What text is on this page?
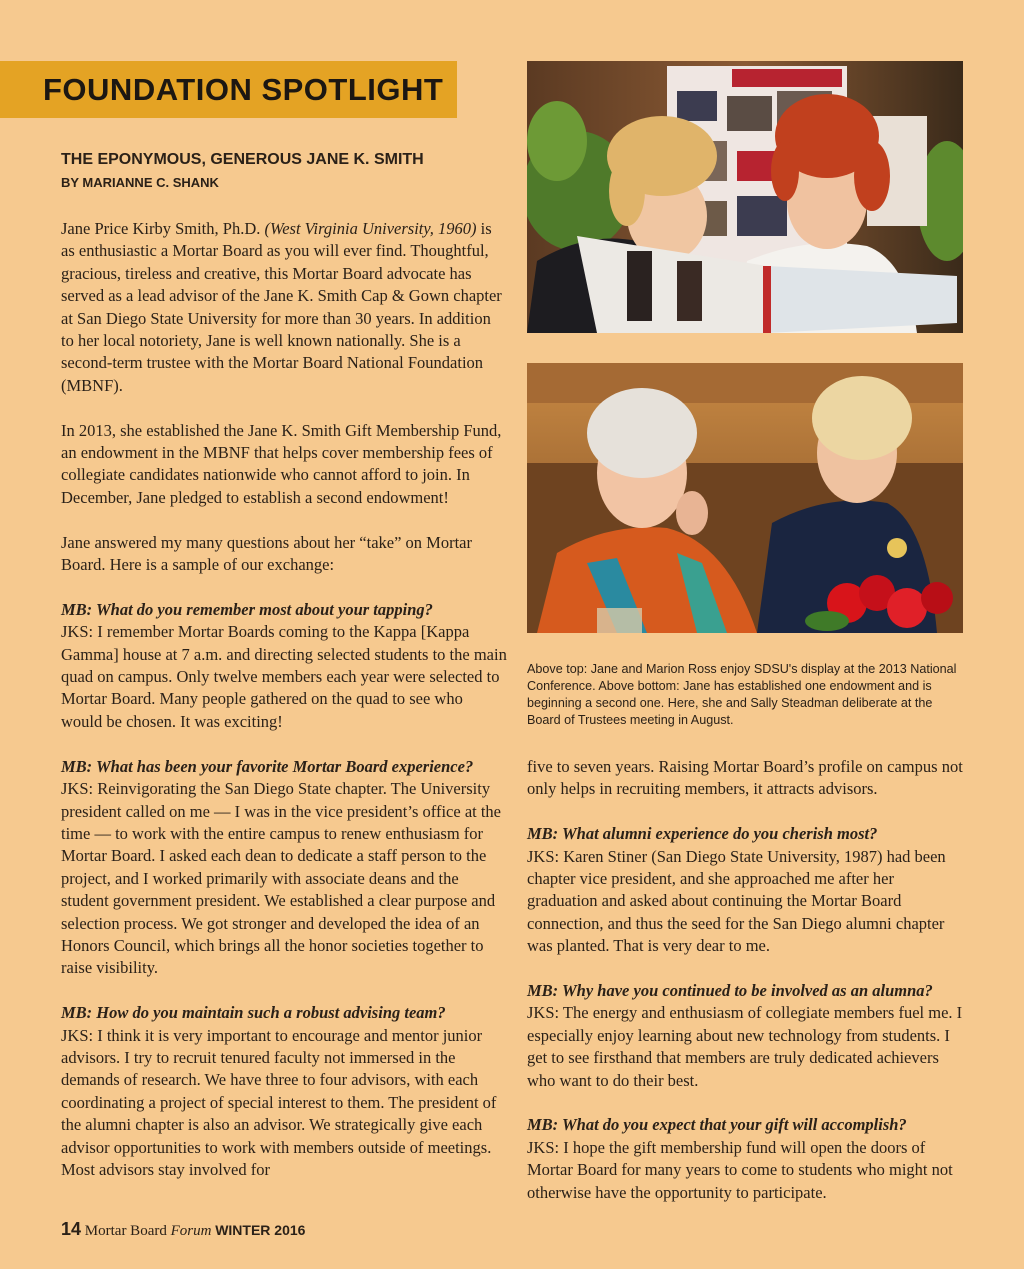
FOUNDATION SPOTLIGHT
THE EPONYMOUS, GENEROUS JANE K. SMITH
BY MARIANNE C. SHANK

Jane Price Kirby Smith, Ph.D. (West Virginia University, 1960) is as enthusiastic a Mortar Board as you will ever find. Thoughtful, gracious, tireless and creative, this Mortar Board advocate has served as a lead advisor of the Jane K. Smith Cap & Gown chapter at San Diego State University for more than 30 years. In addition to her local notoriety, Jane is well known nationally. She is a second-term trustee with the Mortar Board National Foundation (MBNF).

In 2013, she established the Jane K. Smith Gift Membership Fund, an endowment in the MBNF that helps cover membership fees of collegiate candidates nationwide who cannot afford to join. In December, Jane pledged to establish a second endowment!

Jane answered my many questions about her “take” on Mortar Board. Here is a sample of our exchange:

MB: What do you remember most about your tapping?
JKS: I remember Mortar Boards coming to the Kappa [Kappa Gamma] house at 7 a.m. and directing selected students to the main quad on campus. Only twelve members each year were selected to Mortar Board. Many people gathered on the quad to see who would be chosen. It was exciting!

MB: What has been your favorite Mortar Board experience?
JKS: Reinvigorating the San Diego State chapter. The University president called on me — I was in the vice president’s office at the time — to work with the entire campus to renew enthusiasm for Mortar Board. I asked each dean to dedicate a staff person to the project, and I worked primarily with associate deans and the student government president. We established a clear purpose and selection process. We got stronger and developed the idea of an Honors Council, which brings all the honor societies together to raise visibility.

MB: How do you maintain such a robust advising team?
JKS: I think it is very important to encourage and mentor junior advisors. I try to recruit tenured faculty not immersed in the demands of research. We have three to four advisors, with each coordinating a project of special interest to them. The president of the alumni chapter is also an advisor. We strategically give each advisor opportunities to work with members outside of meetings. Most advisors stay involved for

Above top: Jane and Marion Ross enjoy SDSU's display at the 2013 National Conference. Above bottom: Jane has established one endowment and is beginning a second one. Here, she and Sally Steadman deliberate at the Board of Trustees meeting in August.

five to seven years. Raising Mortar Board’s profile on campus not only helps in recruiting members, it attracts advisors.

MB: What alumni experience do you cherish most?
JKS: Karen Stiner (San Diego State University, 1987) had been chapter vice president, and she approached me after her graduation and asked about continuing the Mortar Board connection, and thus the seed for the San Diego alumni chapter was planted. That is very dear to me.

MB: Why have you continued to be involved as an alumna?
JKS: The energy and enthusiasm of collegiate members fuel me. I especially enjoy learning about new technology from students. I get to see firsthand that members are truly dedicated achievers who want to do their best.

MB: What do you expect that your gift will accomplish?
JKS: I hope the gift membership fund will open the doors of Mortar Board for many years to come to students who might not otherwise have the opportunity to participate.

14 Mortar Board Forum WINTER 2016
